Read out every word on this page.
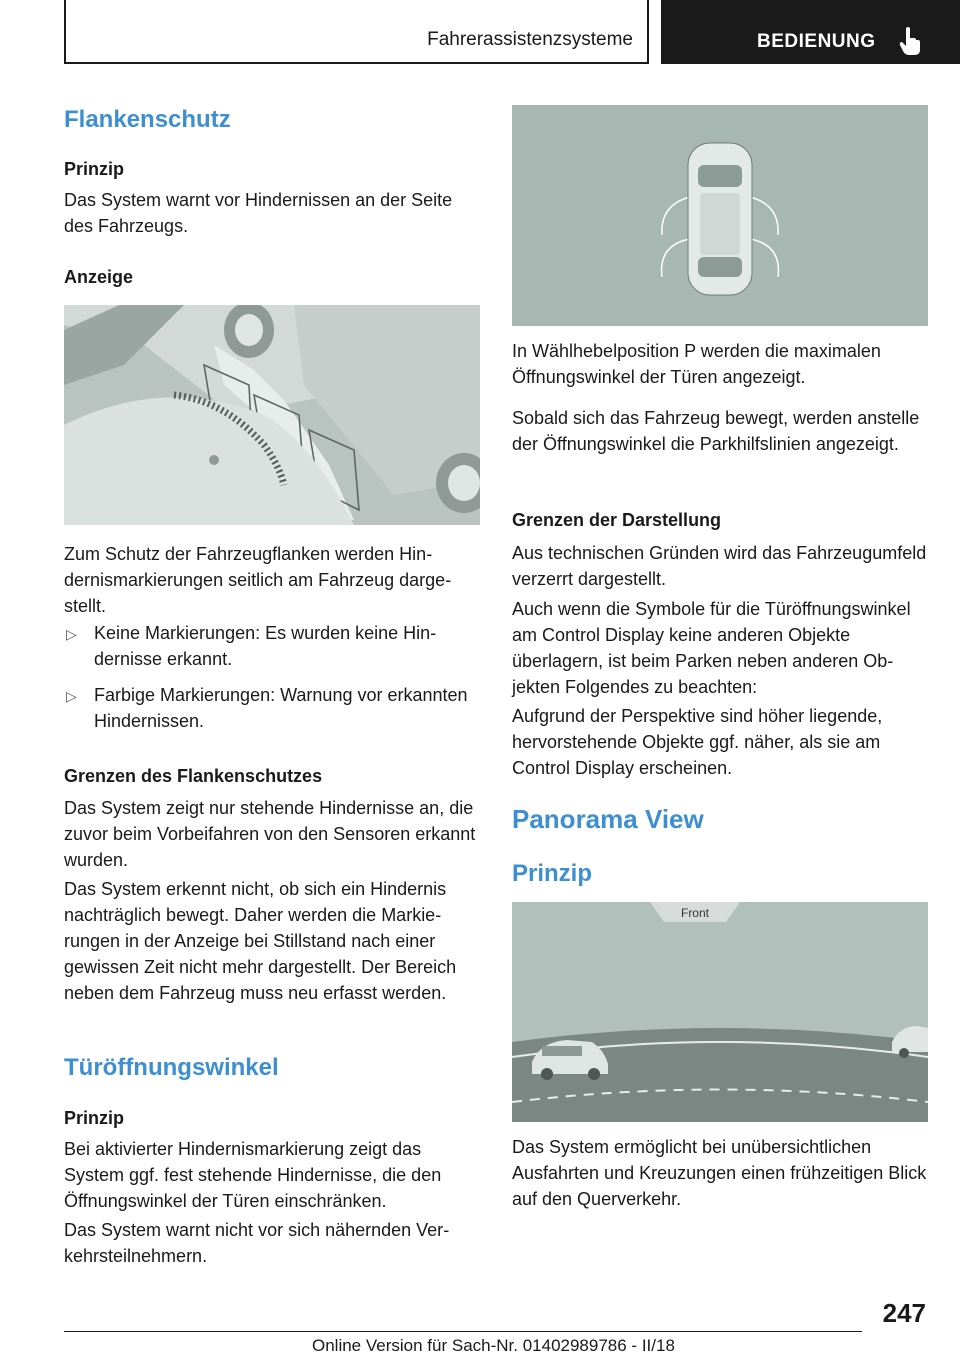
Fahrerassistenzsysteme	BEDIENUNG
Flankenschutz
Prinzip
Das System warnt vor Hindernissen an der Seite des Fahrzeugs.
Anzeige
Zum Schutz der Fahrzeugflanken werden Hindernismarkierungen seitlich am Fahrzeug dargestellt.
▷ Keine Markierungen: Es wurden keine Hindernisse erkannt.
▷ Farbige Markierungen: Warnung vor erkannten Hindernissen.
Grenzen des Flankenschutzes
Das System zeigt nur stehende Hindernisse an, die zuvor beim Vorbeifahren von den Sensoren erkannt wurden.
Das System erkennt nicht, ob sich ein Hindernis nachträglich bewegt. Daher werden die Markierungen in der Anzeige bei Stillstand nach einer gewissen Zeit nicht mehr dargestellt. Der Bereich neben dem Fahrzeug muss neu erfasst werden.
Türöffnungswinkel
Prinzip
Bei aktivierter Hindernismarkierung zeigt das System ggf. fest stehende Hindernisse, die den Öffnungswinkel der Türen einschränken.
Das System warnt nicht vor sich nähernden Verkehrsteilnehmern.
In Wählhebelposition P werden die maximalen Öffnungswinkel der Türen angezeigt.
Sobald sich das Fahrzeug bewegt, werden anstelle der Öffnungswinkel die Parkhilfslinien angezeigt.
Grenzen der Darstellung
Aus technischen Gründen wird das Fahrzeugumfeld verzerrt dargestellt.
Auch wenn die Symbole für die Türöffnungswinkel am Control Display keine anderen Objekte überlagern, ist beim Parken neben anderen Objekten Folgendes zu beachten:
Aufgrund der Perspektive sind höher liegende, hervorstehende Objekte ggf. näher, als sie am Control Display erscheinen.
Panorama View
Prinzip
Front
Das System ermöglicht bei unübersichtlichen Ausfahrten und Kreuzungen einen frühzeitigen Blick auf den Querverkehr.
247
Online Version für Sach-Nr. 01402989786 - II/18
